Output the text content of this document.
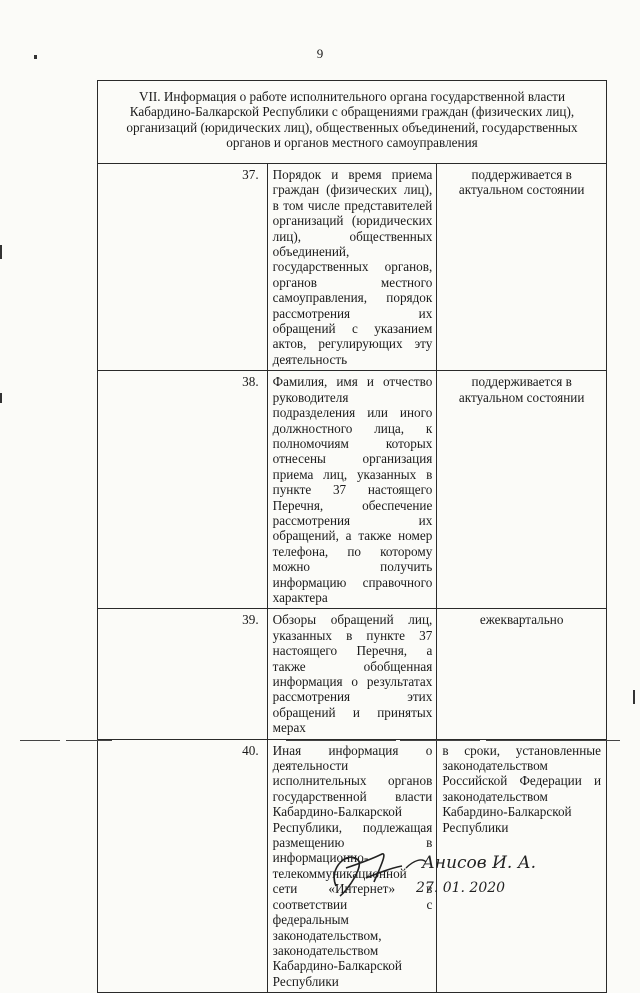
9
VII. Информация о работе исполнительного органа государственной власти Кабардино-Балкарской Республики с обращениями граждан (физических лиц), организаций (юридических лиц), общественных объединений, государственных органов и органов местного самоуправления		
37.	Порядок и время приема граждан (физических лиц), в том числе представителей организаций (юридических лиц), общественных объединений, государственных органов, органов местного самоуправления, порядок рассмотрения их обращений с указанием актов, регулирующих эту деятельность	поддерживается в актуальном состоянии
38.	Фамилия, имя и отчество руководителя подразделения или иного должностного лица, к полномочиям которых отнесены организация приема лиц, указанных в пункте 37 настоящего Перечня, обеспечение рассмотрения их обращений, а также номер телефона, по которому можно получить информацию справочного характера	поддерживается в актуальном состоянии
39.	Обзоры обращений лиц, указанных в пункте 37 настоящего Перечня, а также обобщенная информация о результатах рассмотрения этих обращений и принятых мерах	ежеквартально
40.	Иная информация о деятельности исполнительных органов государственной власти Кабардино-Балкарской Республики, подлежащая размещению в информационно-телекоммуникационной сети «Интернет» в соответствии с федеральным законодательством, законодательством Кабардино-Балкарской Республики	в сроки, установленные законодательством Российской Федерации и законодательством Кабардино-Балкарской Республики
Анисов И. А.
27. 01. 2020
